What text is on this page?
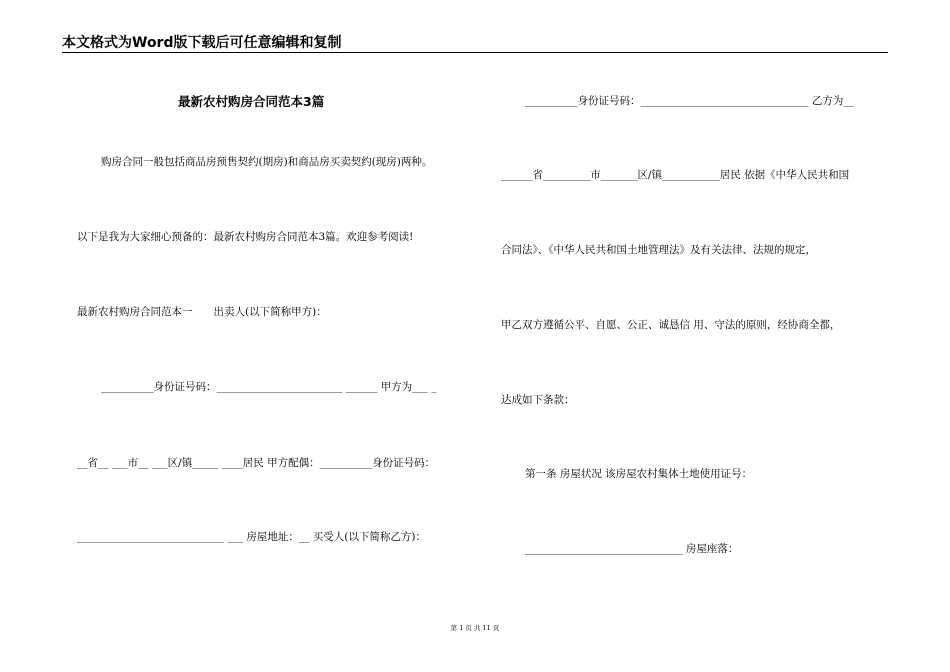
本文格式为Word版下载后可任意编辑和复制
最新农村购房合同范本3篇
购房合同一般包括商品房预售契约(期房)和商品房买卖契约(现房)两种。
以下是我为大家细心预备的：最新农村购房合同范本3篇。欢迎参考阅读!
最新农村购房合同范本一　　出卖人(以下简称甲方)：
__________身份证号码：________________________ ______ 甲方为___ _
__省__ ___市__ ___区/镇_____ ____居民 甲方配偶：__________身份证号码：
____________________________ ___ 房屋地址：__ 买受人(以下简称乙方)：
__________身份证号码：________________________________ 乙方为__
______省_________市_______区/镇___________居民 依据《中华人民共和国
合同法》、《中华人民共和国土地管理法》及有关法律、法规的规定，
甲乙双方遵循公平、自愿、公正、诚恳信 用、守法的原则，经协商全都，
达成如下条款：
第一条 房屋状况 该房屋农村集体土地使用证号：
______________________________ 房屋座落：
第 1 页 共 11 页
